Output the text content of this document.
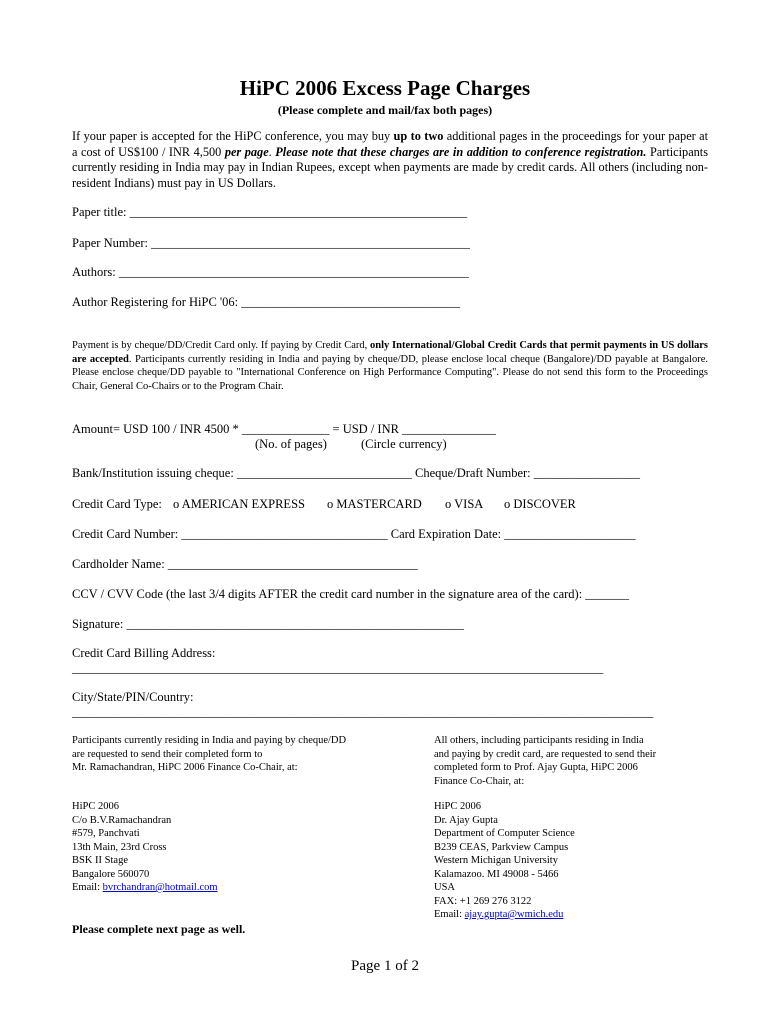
HiPC 2006 Excess Page Charges
(Please complete and mail/fax both pages)
If your paper is accepted for the HiPC conference, you may buy up to two additional pages in the proceedings for your paper at a cost of US$100 / INR 4,500 per page. Please note that these charges are in addition to conference registration. Participants currently residing in India may pay in Indian Rupees, except when payments are made by credit cards. All others (including non-resident Indians) must pay in US Dollars.
Paper title: ______________________________________________________
Paper Number: ___________________________________________________
Authors: ________________________________________________________
Author Registering for HiPC '06: ___________________________________
Payment is by cheque/DD/Credit Card only. If paying by Credit Card, only International/Global Credit Cards that permit payments in US dollars are accepted. Participants currently residing in India and paying by cheque/DD, please enclose local cheque (Bangalore)/DD payable at Bangalore. Please enclose cheque/DD payable to "International Conference on High Performance Computing". Please do not send this form to the Proceedings Chair, General Co-Chairs or to the Program Chair.
Amount= USD 100 / INR 4500 * ______________ = USD / INR _______________
(No. of pages)	(Circle currency)
Bank/Institution issuing cheque: ____________________________ Cheque/Draft Number: _________________
Credit Card Type: o AMERICAN EXPRESS o MASTERCARD o VISA o DISCOVER
Credit Card Number: _________________________________ Card Expiration Date: _____________________
Cardholder Name: ________________________________________
CCV / CVV Code (the last 3/4 digits AFTER the credit card number in the signature area of the card): _______
Signature: ______________________________________________________
Credit Card Billing Address:
_____________________________________________________________________________________
City/State/PIN/Country:
_____________________________________________________________________________________________
Participants currently residing in India and paying by cheque/DD
are requested to send their completed form to
Mr. Ramachandran, HiPC 2006 Finance Co-Chair, at:
All others, including participants residing in India
and paying by credit card, are requested to send their
completed form to Prof. Ajay Gupta, HiPC 2006
Finance Co-Chair, at:
HiPC 2006
C/o B.V.Ramachandran
#579, Panchvati
13th Main, 23rd Cross
BSK II Stage
Bangalore 560070
Email: bvrchandran@hotmail.com
HiPC 2006
Dr. Ajay Gupta
Department of Computer Science
B239 CEAS, Parkview Campus
Western Michigan University
Kalamazoo. MI 49008 - 5466
USA
FAX: +1 269 276 3122
Email: ajay.gupta@wmich.edu
Please complete next page as well.
Page 1 of 2
